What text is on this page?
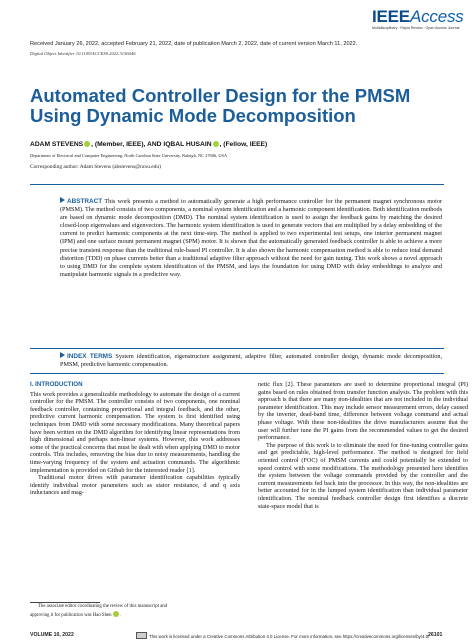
IEEEAccess
Multidisciplinary : Rapid Review : Open Access Journal
Received January 26, 2022, accepted February 21, 2022, date of publication March 2, 2022, date of current version March 11, 2022.
Digital Object Identifier 10.1109/ACCESS.2022.3156046
Automated Controller Design for the PMSM Using Dynamic Mode Decomposition
ADAM STEVENS , (Member, IEEE), AND IQBAL HUSAIN , (Fellow, IEEE)
Department of Electrical and Computer Engineering, North Carolina State University, Raleigh, NC 27606, USA
Corresponding author: Adam Stevens (abstevens@ncsu.edu)
ABSTRACT This work presents a method to automatically generate a high performance controller for the permanent magnet synchronous motor (PMSM). The method consists of two components, a nominal system identification and a harmonic component identification. Both identification methods are based on dynamic mode decomposition (DMD). The nominal system identification is used to assign the feedback gains by matching the desired closed-loop eigenvalues and eigenvectors. The harmonic system identification is used to generate vectors that are multiplied by a delay embedding of the current to predict harmonic components at the next time-step. The method is applied to two experimental test setups, one interior permanent magnet (IPM) and one surface mount permanent magnet (SPM) motor. It is shown that the automatically generated feedback controller is able to achieve a more precise transient response than the traditional rule-based PI controller. It is also shown the harmonic compensation method is able to reduce total demand distortion (TDD) on phase currents better than a traditional adaptive filter approach without the need for gain tuning. This work shows a novel approach to using DMD for the complete system identification of the PMSM, and lays the foundation for using DMD with delay embeddings to analyze and manipulate harmonic signals in a predictive way.
INDEX TERMS System identification, eigenstructure assignment, adaptive filter, automated controller design, dynamic mode decomposition, PMSM, predictive harmonic compensation.
I. INTRODUCTION

This work provides a generalizable methodology to automate the design of a current controller for the PMSM. The controller consists of two components, one nominal feedback controller, containing proportional and integral feedback, and the other, predictive current harmonic compensation. The system is first identified using techniques from DMD with some necessary modifications. Many theoretical papers have been written on the DMD algorithm for identifying linear representations from high dimensional and perhaps non-linear systems. However, this work addresses some of the practical concerns that must be dealt with when applying DMD to motor controls. This includes, removing the bias due to noisy measurements, handling the time-varying frequency of the system and actuation commands. The algorithmic implementation is provided on Github for the interested reader [1].

Traditional motor drives with parameter identification capabilities typically identify individual motor parameters such as stator resistance, d and q axis inductances and mag-

netic flux [2]. These parameters are used to determine proportional integral (PI) gains based on rules obtained from transfer function analysis. The problem with this approach is that there are many non-idealities that are not included in the individual parameter identification. This may include sensor measurement errors, delay caused by the inverter, dead-band time, difference between voltage command and actual phase voltage. With these non-idealities the drive manufacturers assume that the user will further tune the PI gains from the recommended values to get the desired performance.

The purpose of this work is to eliminate the need for fine-tuning controller gains and get predictable, high-level performance. The method is designed for field oriented control (FOC) of PMSM currents and could potentially be extended to speed control with some modifications. The methodology presented here identifies the system between the voltage commands provided by the controller and the current measurements fed back into the processor. In this way, the non-idealities are better accounted for in the lumped system identification than individual parameter identification. The nominal feedback controller design first identifies a discrete state-space model that is

The associate editor coordinating the review of this manuscript and

approving it for publication was Hao Shen .

VOLUME 10, 2022	This work is licensed under a Creative Commons Attribution 4.0 License. For more information, see https://creativecommons.org/licenses/by/4.0/
26101
